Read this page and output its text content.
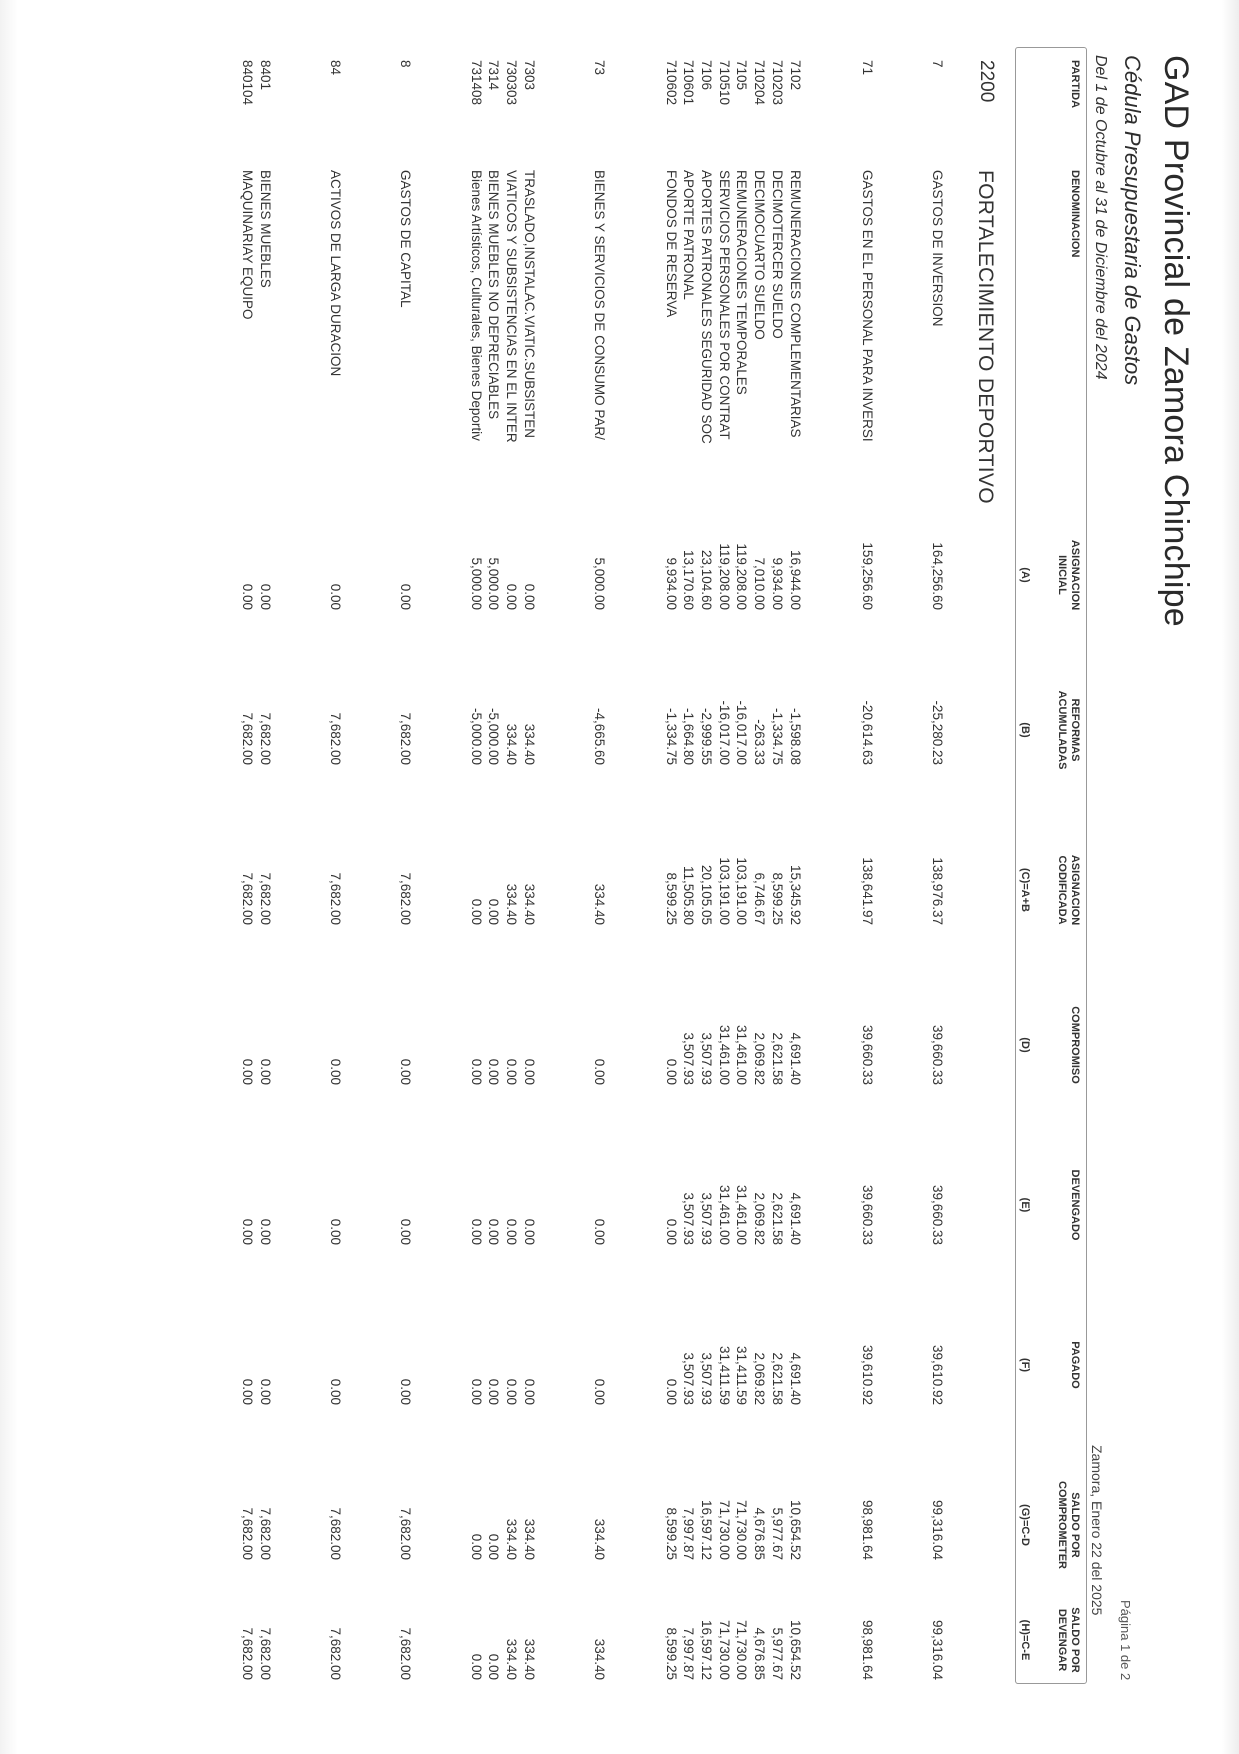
GAD Provincial de Zamora Chinchipe
Cédula Presupuestaria de Gastos
Del 1 de Octubre al 31 de Diciembre del 2024
Página 1 de 2
Zamora, Enero 22 del 2025
PARTIDA
DENOMINACION
ASIGNACION INICIAL
REFORMAS ACUMULADAS
ASIGNACION CODIFICADA
COMPROMISO
DEVENGADO
PAGADO
SALDO POR COMPROMETER
SALDO POR DEVENGAR
(A)
(B)
(C)=A+B
(D)
(E)
(F)
(G)=C-D
(H)=C-E
2200
FORTALECIMIENTO DEPORTIVO
7
GASTOS DE INVERSION
164,256.60
-25,280.23
138,976.37
39,660.33
39,660.33
39,610.92
99,316.04
99,316.04
71
GASTOS EN EL PERSONAL PARA INVERSI
159,256.60
-20,614.63
138,641.97
39,660.33
39,660.33
39,610.92
98,981.64
98,981.64
7102
REMUNERACIONES COMPLEMENTARIAS
16,944.00
-1,598.08
15,345.92
4,691.40
4,691.40
4,691.40
10,654.52
10,654.52
710203
DECIMOTERCER SUELDO
9,934.00
-1,334.75
8,599.25
2,621.58
2,621.58
2,621.58
5,977.67
5,977.67
710204
DECIMOCUARTO SUELDO
7,010.00
-263.33
6,746.67
2,069.82
2,069.82
2,069.82
4,676.85
4,676.85
7105
REMUNERACIONES TEMPORALES
119,208.00
-16,017.00
103,191.00
31,461.00
31,461.00
31,411.59
71,730.00
71,730.00
710510
SERVICIOS PERSONALES POR CONTRAT
119,208.00
-16,017.00
103,191.00
31,461.00
31,461.00
31,411.59
71,730.00
71,730.00
7106
APORTES PATRONALES SEGURIDAD SOC
23,104.60
-2,999.55
20,105.05
3,507.93
3,507.93
3,507.93
16,597.12
16,597.12
710601
APORTE PATRONAL
13,170.60
-1,664.80
11,505.80
3,507.93
3,507.93
3,507.93
7,997.87
7,997.87
710602
FONDOS DE RESERVA
9,934.00
-1,334.75
8,599.25
0.00
0.00
0.00
8,599.25
8,599.25
73
BIENES Y SERVICIOS DE CONSUMO PAR/
5,000.00
-4,665.60
334.40
0.00
0.00
0.00
334.40
334.40
7303
TRASLADO,INSTALAC.VIATIC.SUBSISTEN
0.00
334.40
334.40
0.00
0.00
0.00
334.40
334.40
730303
VIATICOS Y SUBSISTENCIAS EN EL INTER
0.00
334.40
334.40
0.00
0.00
0.00
334.40
334.40
7314
BIENES MUEBLES NO DEPRECIABLES
5,000.00
-5,000.00
0.00
0.00
0.00
0.00
0.00
0.00
731408
Bienes Artísticos, Culturales, Bienes Deportiv
5,000.00
-5,000.00
0.00
0.00
0.00
0.00
0.00
0.00
8
GASTOS DE CAPITAL
0.00
7,682.00
7,682.00
0.00
0.00
0.00
7,682.00
7,682.00
84
ACTIVOS DE LARGA DURACION
0.00
7,682.00
7,682.00
0.00
0.00
0.00
7,682.00
7,682.00
8401
BIENES MUEBLES
0.00
7,682.00
7,682.00
0.00
0.00
0.00
7,682.00
7,682.00
840104
MAQUINARIAY EQUIPO
0.00
7,682.00
7,682.00
0.00
0.00
0.00
7,682.00
7,682.00
